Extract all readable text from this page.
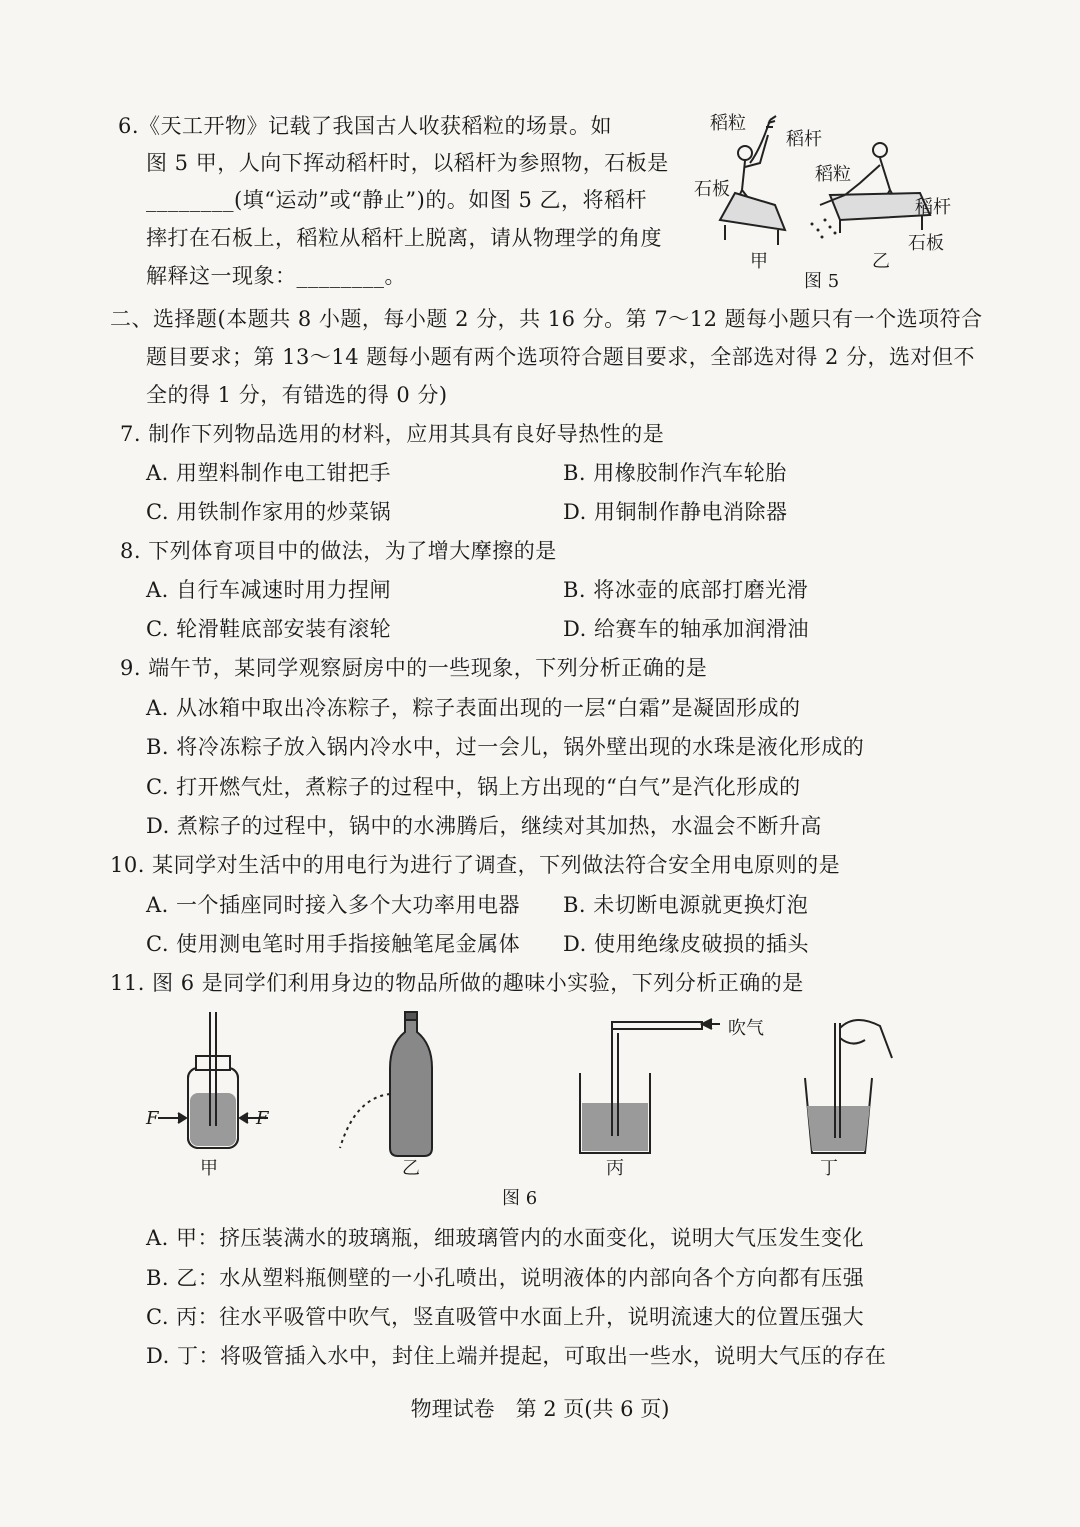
6.《天工开物》记载了我国古人收获稻粒的场景。如
图 5 甲，人向下挥动稻杆时，以稻杆为参照物，石板是
________(填“运动”或“静止”)的。如图 5 乙，将稻杆
摔打在石板上，稻粒从稻杆上脱离，请从物理学的角度
解释这一现象：________。
稻粒
稻杆
石板
稻粒
稻杆
石板
甲	乙
图 5
二、选择题(本题共 8 小题，每小题 2 分，共 16 分。第 7～12 题每小题只有一个选项符合
题目要求；第 13～14 题每小题有两个选项符合题目要求，全部选对得 2 分，选对但不
全的得 1 分，有错选的得 0 分)
7. 制作下列物品选用的材料，应用其具有良好导热性的是
A. 用塑料制作电工钳把手	B. 用橡胶制作汽车轮胎
C. 用铁制作家用的炒菜锅	D. 用铜制作静电消除器
8. 下列体育项目中的做法，为了增大摩擦的是
A. 自行车减速时用力捏闸	B. 将冰壶的底部打磨光滑
C. 轮滑鞋底部安装有滚轮	D. 给赛车的轴承加润滑油
9. 端午节，某同学观察厨房中的一些现象，下列分析正确的是
A. 从冰箱中取出冷冻粽子，粽子表面出现的一层“白霜”是凝固形成的
B. 将冷冻粽子放入锅内冷水中，过一会儿，锅外壁出现的水珠是液化形成的
C. 打开燃气灶，煮粽子的过程中，锅上方出现的“白气”是汽化形成的
D. 煮粽子的过程中，锅中的水沸腾后，继续对其加热，水温会不断升高
10. 某同学对生活中的用电行为进行了调查，下列做法符合安全用电原则的是
A. 一个插座同时接入多个大功率用电器 B. 未切断电源就更换灯泡
C. 使用测电笔时用手指接触笔尾金属体 D. 使用绝缘皮破损的插头
11. 图 6 是同学们利用身边的物品所做的趣味小实验，下列分析正确的是
F	F
吹气
甲	乙	丙	丁
图 6
A. 甲：挤压装满水的玻璃瓶，细玻璃管内的水面变化，说明大气压发生变化
B. 乙：水从塑料瓶侧壁的一小孔喷出，说明液体的内部向各个方向都有压强
C. 丙：往水平吸管中吹气，竖直吸管中水面上升，说明流速大的位置压强大
D. 丁：将吸管插入水中，封住上端并提起，可取出一些水，说明大气压的存在
物理试卷　第 2 页(共 6 页)
